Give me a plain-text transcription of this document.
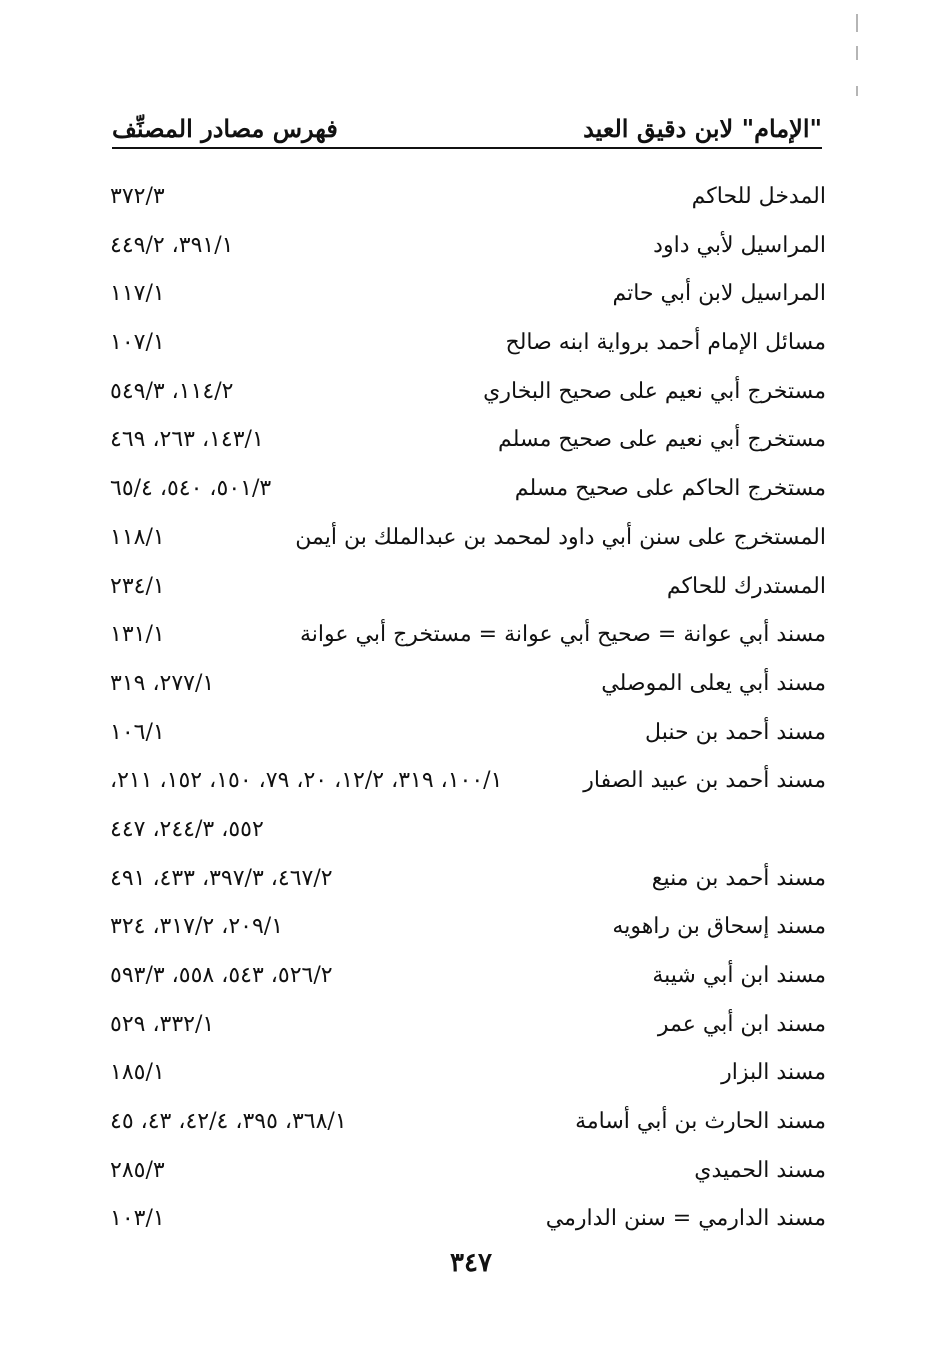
"الإمام" لابن دقيق العيد
فهرس مصادر المصنِّف
المدخل للحاكم
٣٧٢/٣
المراسيل لأبي داود
٣٩١/١، ٤٤٩/٢
المراسيل لابن أبي حاتم
١١٧/١
مسائل الإمام أحمد برواية ابنه صالح
١٠٧/١
مستخرج أبي نعيم على صحيح البخاري
١١٤/٢، ٥٤٩/٣
مستخرج أبي نعيم على صحيح مسلم
١٤٣/١، ٢٦٣، ٤٦٩
مستخرج الحاكم على صحيح مسلم
٥٠١/٣، ٥٤٠، ٦٥/٤
المستخرج على سنن أبي داود لمحمد بن عبدالملك بن أيمن
١١٨/١
المستدرك للحاكم
٢٣٤/١
مسند أبي عوانة = صحيح أبي عوانة = مستخرج أبي عوانة
١٣١/١
مسند أبي يعلى الموصلي
٢٧٧/١، ٣١٩
مسند أحمد بن حنبل
١٠٦/١
مسند أحمد بن عبيد الصفار
١٠٠/١، ٣١٩، ١٢/٢، ٢٠، ٧٩، ١٥٠، ١٥٢، ٢١١،
٥٥٢، ٢٤٤/٣، ٤٤٧
مسند أحمد بن منيع
٤٦٧/٢، ٣٩٧/٣، ٤٣٣، ٤٩١
مسند إسحاق بن راهويه
٢٠٩/١، ٣١٧/٢، ٣٢٤
مسند ابن أبي شيبة
٥٢٦/٢، ٥٤٣، ٥٥٨، ٥٩٣/٣
مسند ابن أبي عمر
٣٣٢/١، ٥٢٩
مسند البزار
١٨٥/١
مسند الحارث بن أبي أسامة
٣٦٨/١، ٣٩٥، ٤٢/٤، ٤٣، ٤٥
مسند الحميدي
٢٨٥/٣
مسند الدارمي = سنن الدارمي
١٠٣/١
٣٤٧
